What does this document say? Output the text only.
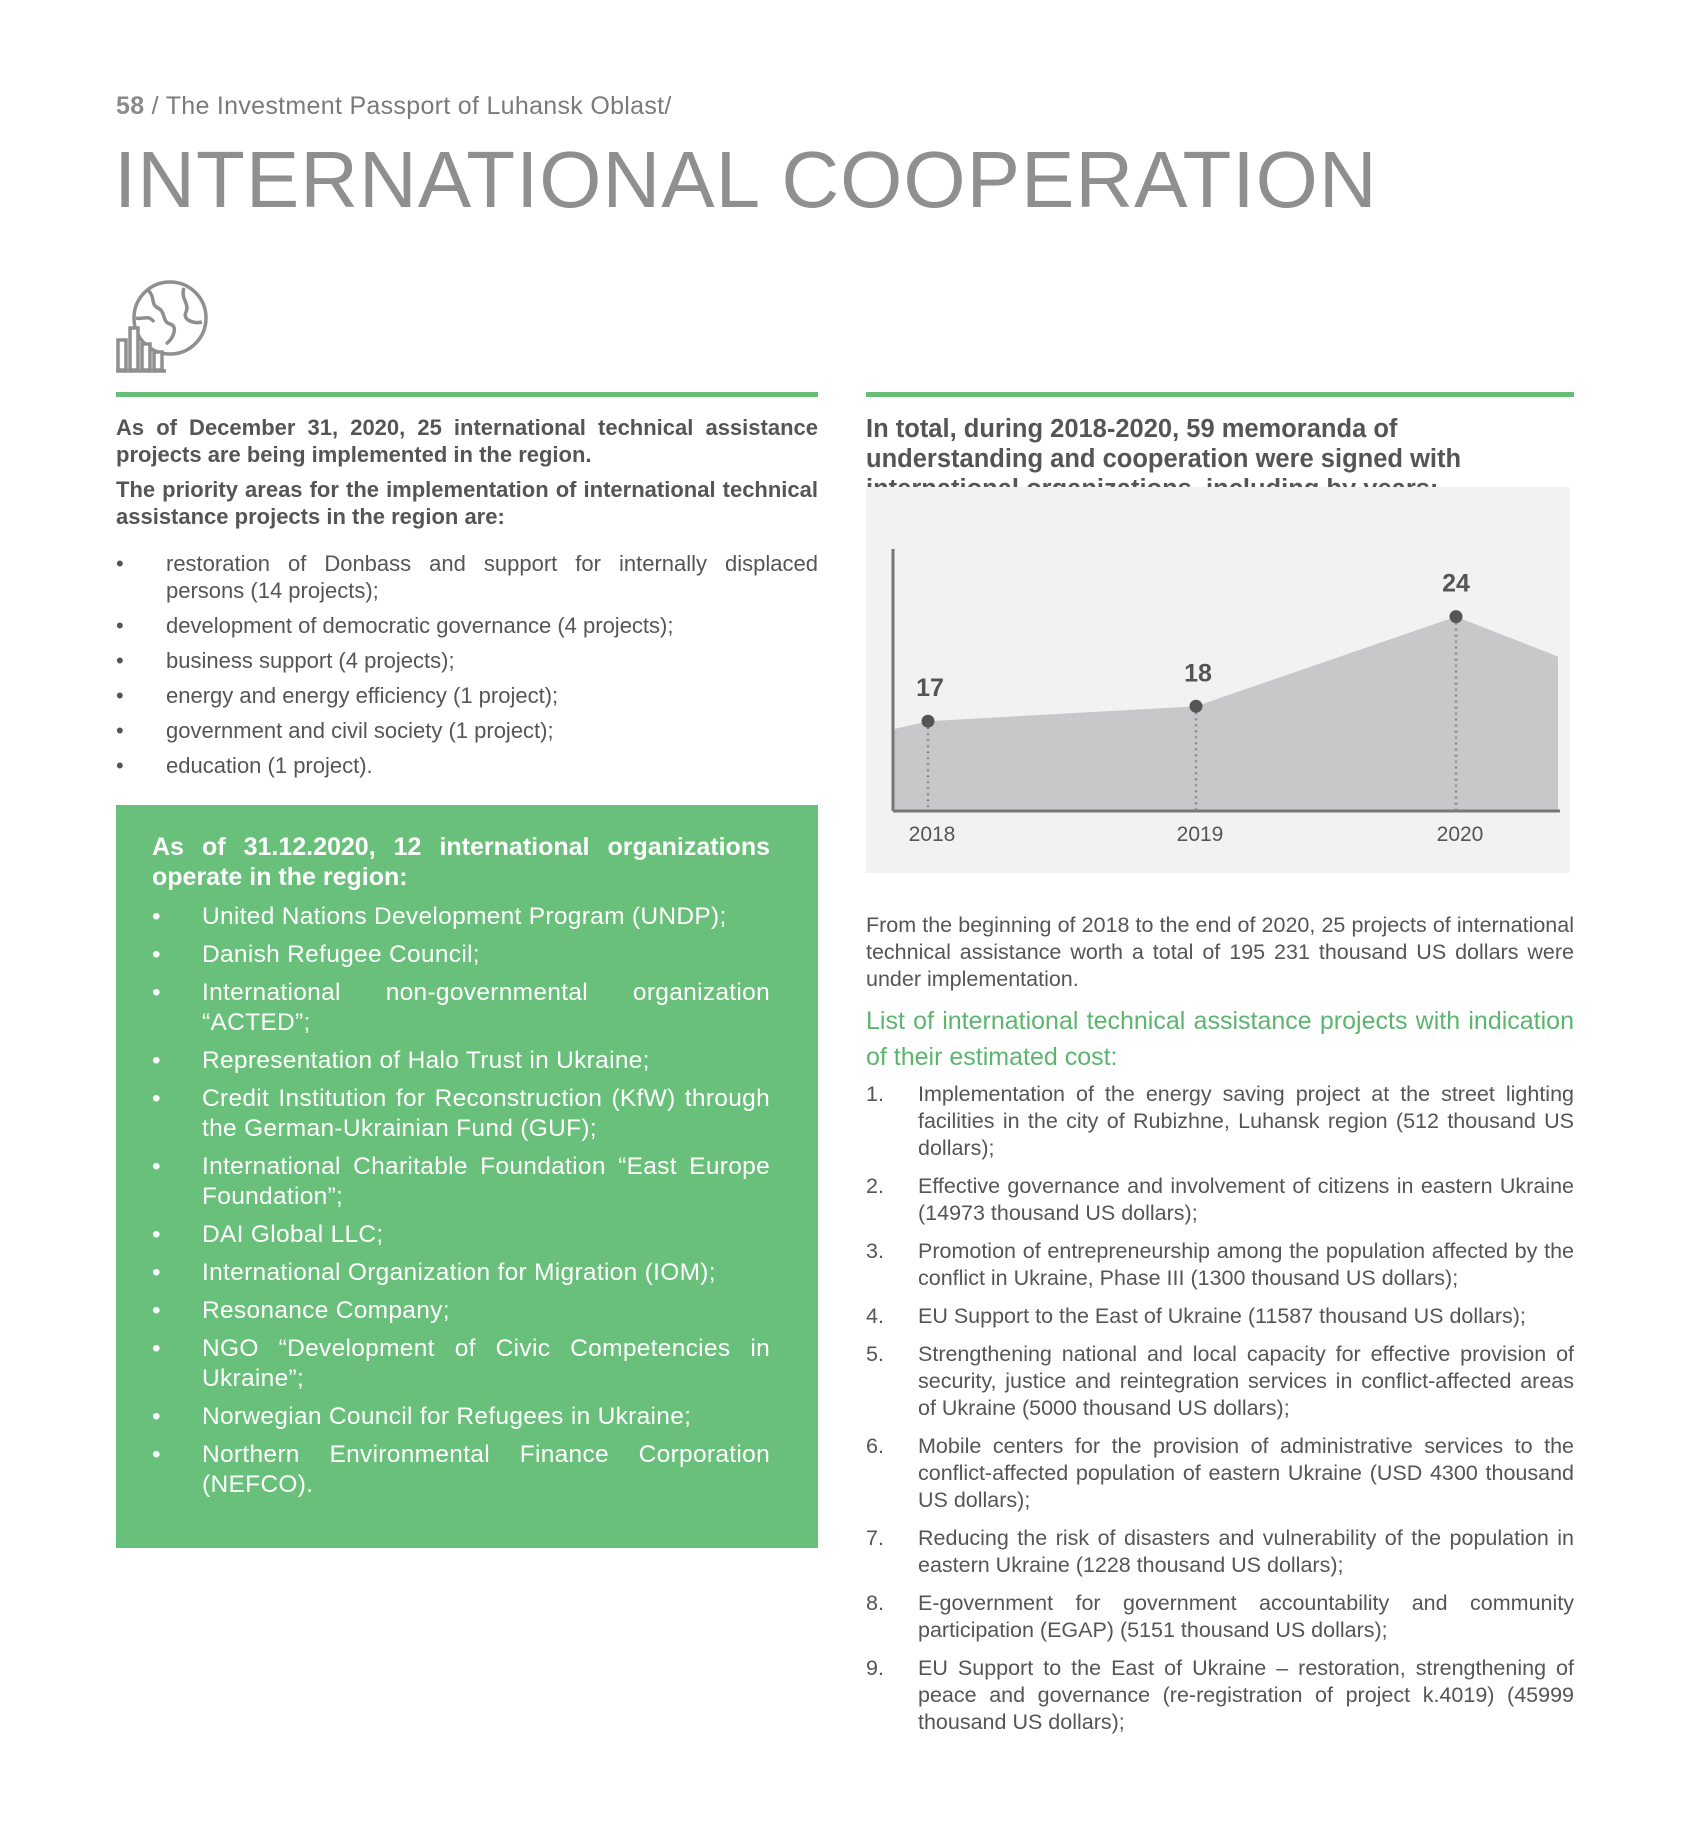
58 / The Investment Passport of Luhansk Oblast/
INTERNATIONAL COOPERATION

As of December 31, 2020, 25 international technical assistance projects are being implemented in the region.

The priority areas for the implementation of international technical assistance projects in the region are:

• restoration of Donbass and support for internally displaced persons (14 projects);
• development of democratic governance (4 projects);
• business support (4 projects);
• energy and energy efficiency (1 project);
• government and civil society (1 project);
• education (1 project).

As of 31.12.2020, 12 international organizations operate in the region:

• United Nations Development Program (UNDP);
• Danish Refugee Council;
• International non-governmental organization “ACTED”;
• Representation of Halo Trust in Ukraine;
• Credit Institution for Reconstruction (KfW) through the German-Ukrainian Fund (GUF);
• International Charitable Foundation “East Europe Foundation”;
• DAI Global LLC;
• International Organization for Migration (IOM);
• Resonance Company;
• NGO “Development of Civic Competencies in Ukraine”;
• Norwegian Council for Refugees in Ukraine;
• Northern Environmental Finance Corporation (NEFCO).

In total, during 2018-2020, 59 memoranda of understanding and cooperation were signed with

17
2018
18
2019
24
2020

From the beginning of 2018 to the end of 2020, 25 projects of international technical assistance worth a total of 195 231 thousand US dollars were under implementation.

List of international technical assistance projects with indication of their estimated cost:

1. Implementation of the energy saving project at the street lighting facilities in the city of Rubizhne, Luhansk region (512 thousand US dollars);
2. Effective governance and involvement of citizens in eastern Ukraine (14973 thousand US dollars);
3. Promotion of entrepreneurship among the population affected by the conflict in Ukraine, Phase III (1300 thousand US dollars);
4. EU Support to the East of Ukraine (11587 thousand US dollars);
5. Strengthening national and local capacity for effective provision of security, justice and reintegration services in conflict-affected areas of Ukraine (5000 thousand US dollars);
6. Mobile centers for the provision of administrative services to the conflict-affected population of eastern Ukraine (USD 4300 thousand US dollars);
7. Reducing the risk of disasters and vulnerability of the population in eastern Ukraine (1228 thousand US dollars);
8. E-government for government accountability and community participation (EGAP) (5151 thousand US dollars);
9. EU Support to the East of Ukraine – restoration, strengthening of peace and governance (re-registration of project k.4019) (45999 thousand US dollars);
